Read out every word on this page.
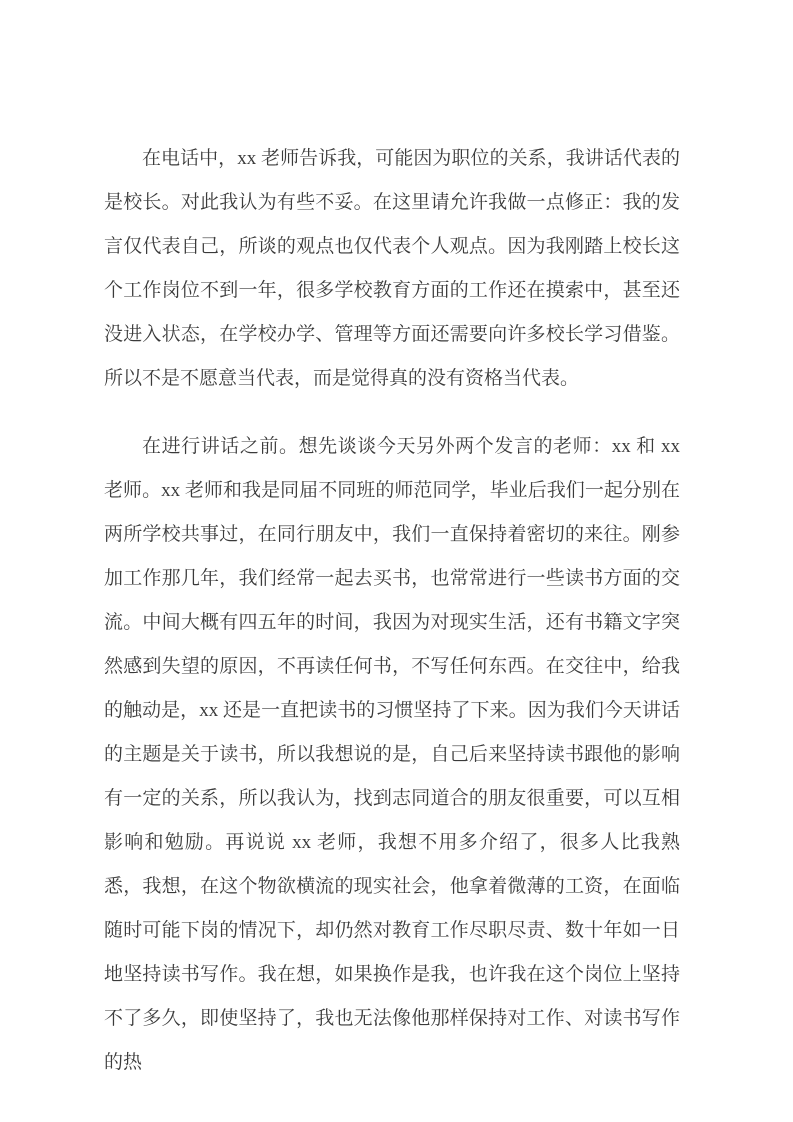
在电话中，xx 老师告诉我，可能因为职位的关系，我讲话代表的是校长。对此我认为有些不妥。在这里请允许我做一点修正：我的发言仅代表自己，所谈的观点也仅代表个人观点。因为我刚踏上校长这个工作岗位不到一年，很多学校教育方面的工作还在摸索中，甚至还没进入状态，在学校办学、管理等方面还需要向许多校长学习借鉴。所以不是不愿意当代表，而是觉得真的没有资格当代表。

在进行讲话之前。想先谈谈今天另外两个发言的老师：xx 和 xx 老师。xx 老师和我是同届不同班的师范同学，毕业后我们一起分别在两所学校共事过，在同行朋友中，我们一直保持着密切的来往。刚参加工作那几年，我们经常一起去买书，也常常进行一些读书方面的交流。中间大概有四五年的时间，我因为对现实生活，还有书籍文字突然感到失望的原因，不再读任何书，不写任何东西。在交往中，给我的触动是，xx 还是一直把读书的习惯坚持了下来。因为我们今天讲话的主题是关于读书，所以我想说的是，自己后来坚持读书跟他的影响有一定的关系，所以我认为，找到志同道合的朋友很重要，可以互相影响和勉励。再说说 xx 老师，我想不用多介绍了，很多人比我熟悉，我想，在这个物欲横流的现实社会，他拿着微薄的工资，在面临随时可能下岗的情况下，却仍然对教育工作尽职尽责、数十年如一日地坚持读书写作。我在想，如果换作是我，也许我在这个岗位上坚持不了多久，即使坚持了，我也无法像他那样保持对工作、对读书写作的热
